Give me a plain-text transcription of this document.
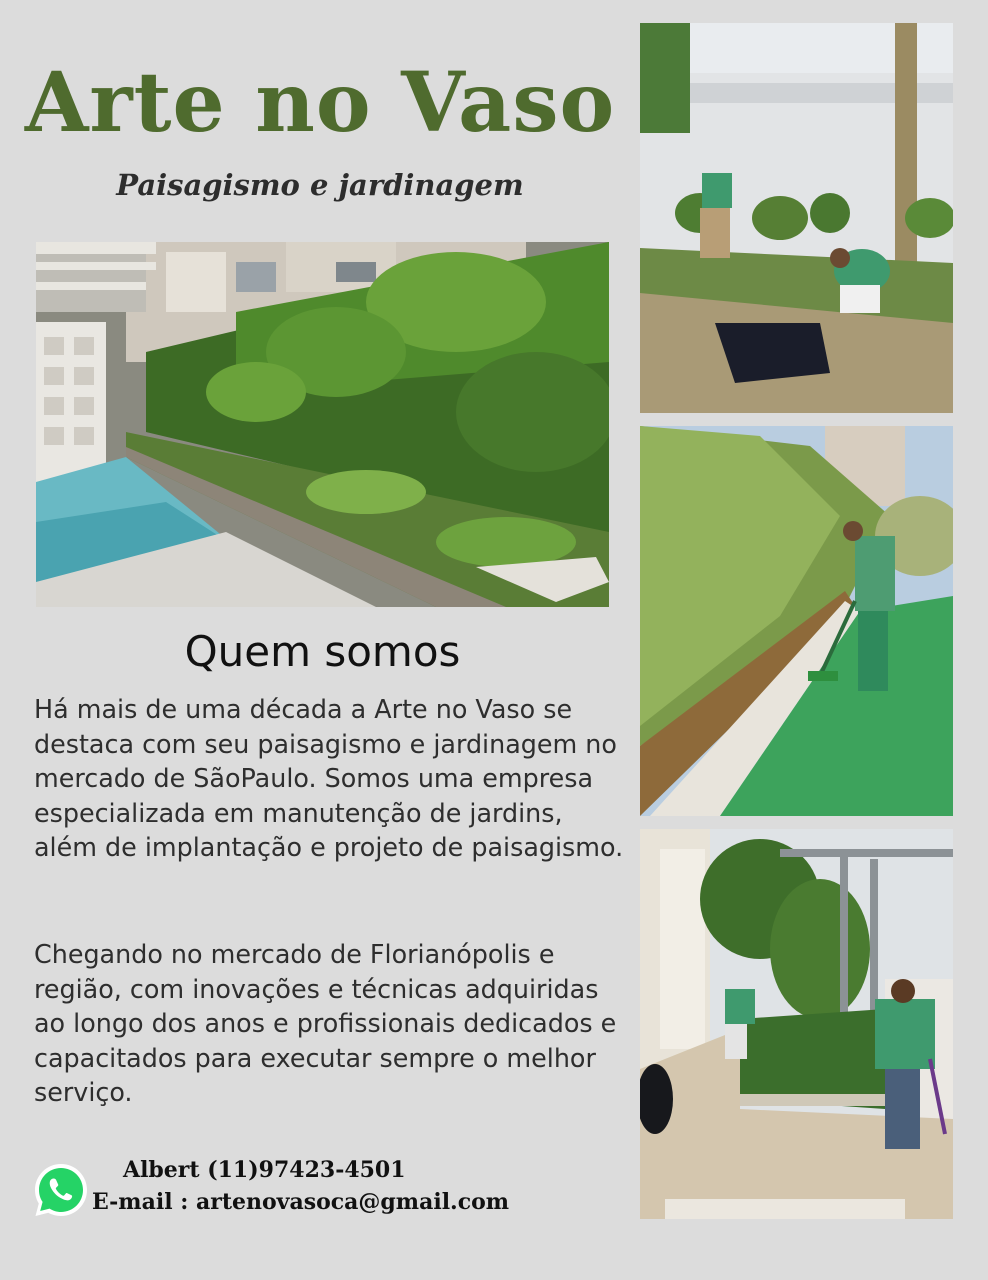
Arte no Vaso
Paisagismo e jardinagem
Quem somos
Há mais de uma década a Arte no Vaso se destaca com seu paisagismo e jardinagem no mercado de SãoPaulo. Somos uma empresa especializada em manutenção de jardins, além de implantação e projeto de paisagismo.
Chegando no mercado de Florianópolis e região, com inovações e técnicas adquiridas ao longo dos anos e profissionais dedicados e capacitados para executar sempre o melhor serviço.
Albert (11)97423-4501
E-mail : artenovasoca@gmail.com
